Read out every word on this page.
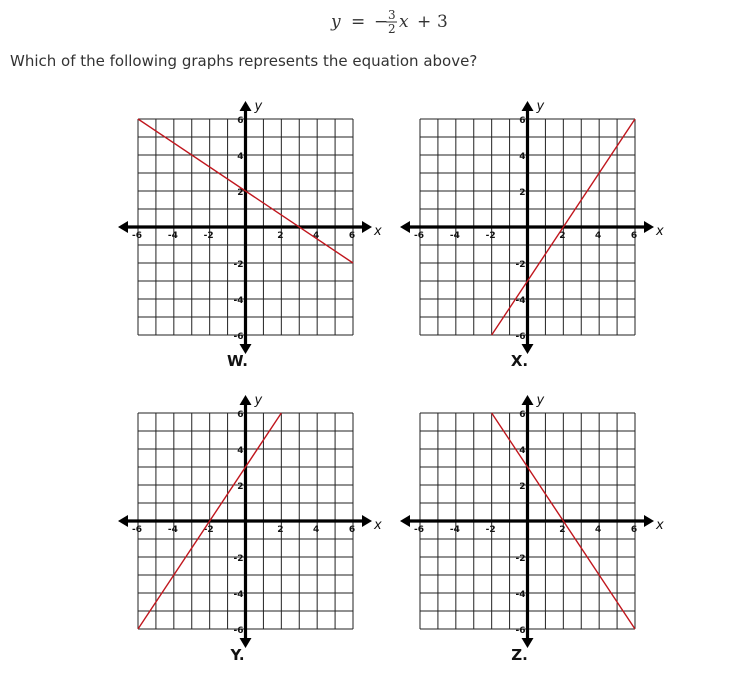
y = − 3
2 x + 3
Which of the following graphs represents the equation above?
-6	-4	-2	2	4	6
6
4
2
-2
-4
-6
x
y
W.
-6	-4	-2	2	4	6
6
4
2
-2
-4
-6
x
y
X.
-6	-4	-2	2	4	6
6
4
2
-2
-4
-6
x
y
Y.
-6	-4	-2	2	4	6
6
4
2
-2
-4
-6
x
y
Z.
